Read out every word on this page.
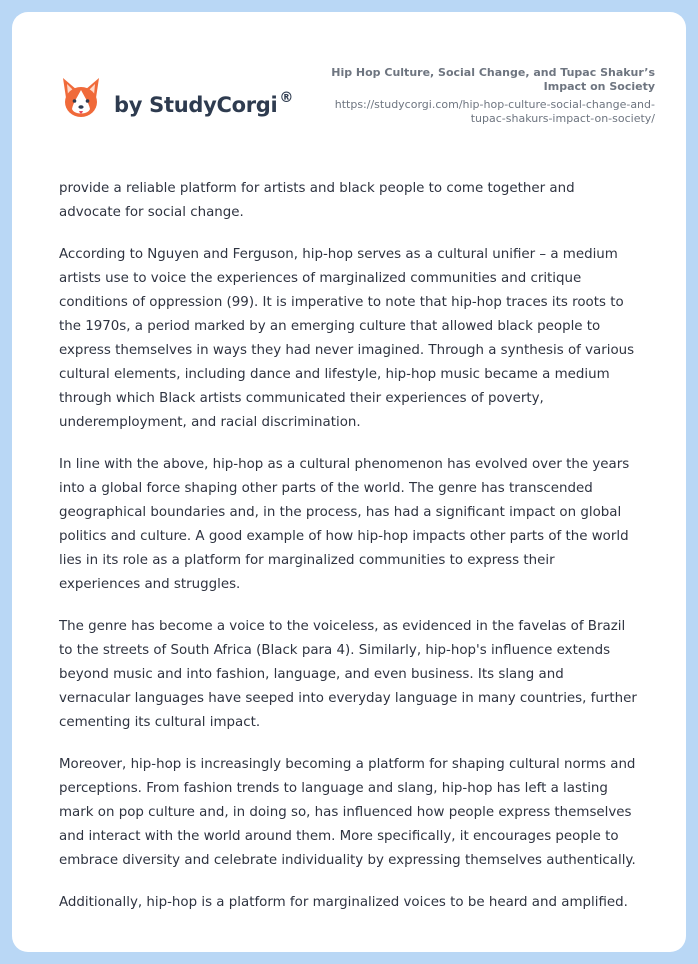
by StudyCorgi ®
Hip Hop Culture, Social Change, and Tupac Shakur’s Impact on Society
https://studycorgi.com/hip-hop-culture-social-change-and-tupac-shakurs-impact-on-society/

provide a reliable platform for artists and black people to come together and advocate for social change.

According to Nguyen and Ferguson, hip-hop serves as a cultural unifier – a medium artists use to voice the experiences of marginalized communities and critique conditions of oppression (99). It is imperative to note that hip-hop traces its roots to the 1970s, a period marked by an emerging culture that allowed black people to express themselves in ways they had never imagined. Through a synthesis of various cultural elements, including dance and lifestyle, hip-hop music became a medium through which Black artists communicated their experiences of poverty, underemployment, and racial discrimination.

In line with the above, hip-hop as a cultural phenomenon has evolved over the years into a global force shaping other parts of the world. The genre has transcended geographical boundaries and, in the process, has had a significant impact on global politics and culture. A good example of how hip-hop impacts other parts of the world lies in its role as a platform for marginalized communities to express their experiences and struggles.

The genre has become a voice to the voiceless, as evidenced in the favelas of Brazil to the streets of South Africa (Black para 4). Similarly, hip-hop's influence extends beyond music and into fashion, language, and even business. Its slang and vernacular languages have seeped into everyday language in many countries, further cementing its cultural impact.

Moreover, hip-hop is increasingly becoming a platform for shaping cultural norms and perceptions. From fashion trends to language and slang, hip-hop has left a lasting mark on pop culture and, in doing so, has influenced how people express themselves and interact with the world around them. More specifically, it encourages people to embrace diversity and celebrate individuality by expressing themselves authentically.

Additionally, hip-hop is a platform for marginalized voices to be heard and amplified.
